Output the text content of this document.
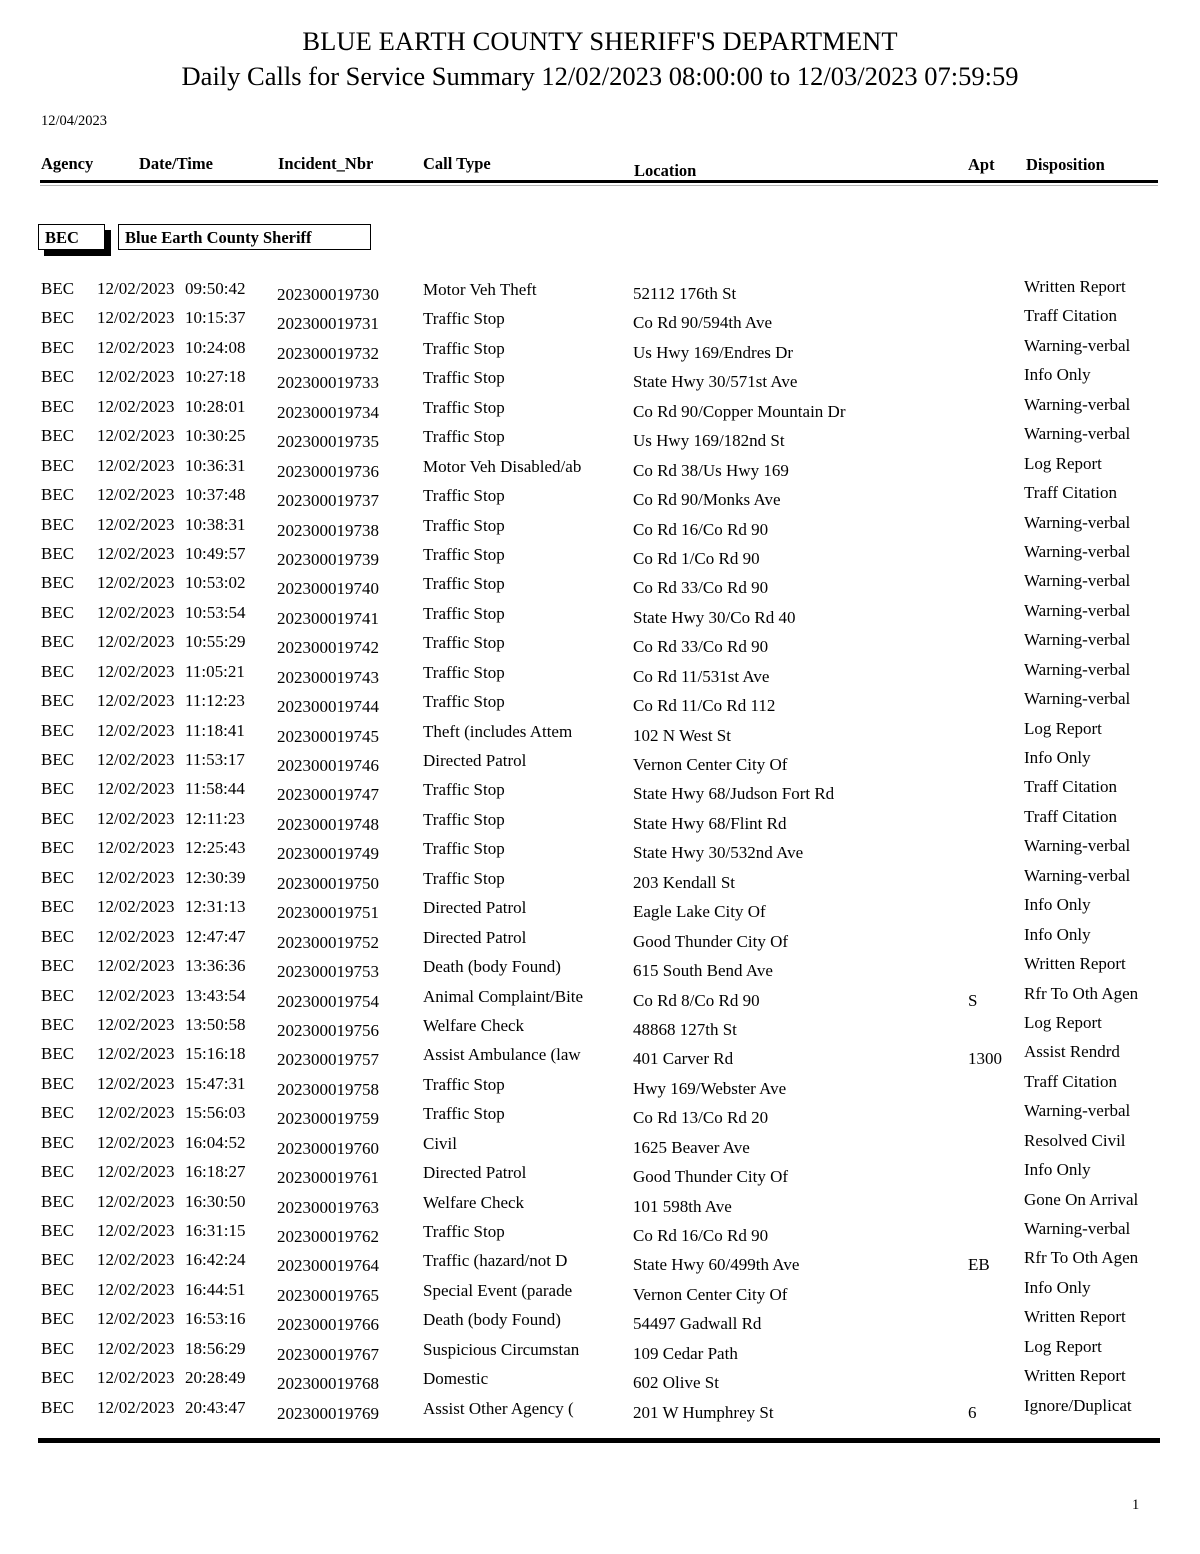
BLUE EARTH COUNTY SHERIFF'S DEPARTMENT
Daily Calls for Service Summary 12/02/2023 08:00:00 to 12/03/2023 07:59:59
12/04/2023
Agency	Date/Time	Incident_Nbr	Call Type	Location	Apt Disposition
BEC	Blue Earth County Sheriff
BEC 12/02/2023 09:50:42 202300019730	Motor Veh Theft	52112 176th St	Written Report
BEC 12/02/2023 10:15:37 202300019731	Traffic Stop	Co Rd 90/594th Ave	Traff Citation
BEC 12/02/2023 10:24:08 202300019732	Traffic Stop	Us Hwy 169/Endres Dr	Warning-verbal
BEC 12/02/2023 10:27:18 202300019733	Traffic Stop	State Hwy 30/571st Ave	Info Only
BEC 12/02/2023 10:28:01 202300019734	Traffic Stop	Co Rd 90/Copper Mountain Dr	Warning-verbal
BEC 12/02/2023 10:30:25 202300019735	Traffic Stop	Us Hwy 169/182nd St	Warning-verbal
BEC 12/02/2023 10:36:31 202300019736	Motor Veh Disabled/ab	Co Rd 38/Us Hwy 169	Log Report
BEC 12/02/2023 10:37:48 202300019737	Traffic Stop	Co Rd 90/Monks Ave	Traff Citation
BEC 12/02/2023 10:38:31 202300019738	Traffic Stop	Co Rd 16/Co Rd 90	Warning-verbal
BEC 12/02/2023 10:49:57 202300019739	Traffic Stop	Co Rd 1/Co Rd 90	Warning-verbal
BEC 12/02/2023 10:53:02 202300019740	Traffic Stop	Co Rd 33/Co Rd 90	Warning-verbal
BEC 12/02/2023 10:53:54 202300019741	Traffic Stop	State Hwy 30/Co Rd 40	Warning-verbal
BEC 12/02/2023 10:55:29 202300019742	Traffic Stop	Co Rd 33/Co Rd 90	Warning-verbal
BEC 12/02/2023 11:05:21 202300019743	Traffic Stop	Co Rd 11/531st Ave	Warning-verbal
BEC 12/02/2023 11:12:23 202300019744	Traffic Stop	Co Rd 11/Co Rd 112	Warning-verbal
BEC 12/02/2023 11:18:41 202300019745	Theft (includes Attem	102 N West St	Log Report
BEC 12/02/2023 11:53:17 202300019746	Directed Patrol	Vernon Center City Of	Info Only
BEC 12/02/2023 11:58:44 202300019747	Traffic Stop	State Hwy 68/Judson Fort Rd	Traff Citation
BEC 12/02/2023 12:11:23 202300019748	Traffic Stop	State Hwy 68/Flint Rd	Traff Citation
BEC 12/02/2023 12:25:43 202300019749	Traffic Stop	State Hwy 30/532nd Ave	Warning-verbal
BEC 12/02/2023 12:30:39 202300019750	Traffic Stop	203 Kendall St	Warning-verbal
BEC 12/02/2023 12:31:13 202300019751	Directed Patrol	Eagle Lake City Of	Info Only
BEC 12/02/2023 12:47:47 202300019752	Directed Patrol	Good Thunder City Of	Info Only
BEC 12/02/2023 13:36:36 202300019753	Death (body Found)	615 South Bend Ave	Written Report
BEC 12/02/2023 13:43:54 202300019754	Animal Complaint/Bite	Co Rd 8/Co Rd 90	S	Rfr To Oth Agen
BEC 12/02/2023 13:50:58 202300019756	Welfare Check	48868 127th St	Log Report
BEC 12/02/2023 15:16:18 202300019757	Assist Ambulance (law	401 Carver Rd	1300 Assist Rendrd
BEC 12/02/2023 15:47:31 202300019758	Traffic Stop	Hwy 169/Webster Ave	Traff Citation
BEC 12/02/2023 15:56:03 202300019759	Traffic Stop	Co Rd 13/Co Rd 20	Warning-verbal
BEC 12/02/2023 16:04:52 202300019760	Civil	1625 Beaver Ave	Resolved Civil
BEC 12/02/2023 16:18:27 202300019761	Directed Patrol	Good Thunder City Of	Info Only
BEC 12/02/2023 16:30:50 202300019763	Welfare Check	101 598th Ave	Gone On Arrival
BEC 12/02/2023 16:31:15 202300019762	Traffic Stop	Co Rd 16/Co Rd 90	Warning-verbal
BEC 12/02/2023 16:42:24 202300019764	Traffic (hazard/not D	State Hwy 60/499th Ave	EB Rfr To Oth Agen
BEC 12/02/2023 16:44:51 202300019765	Special Event (parade	Vernon Center City Of	Info Only
BEC 12/02/2023 16:53:16 202300019766	Death (body Found)	54497 Gadwall Rd	Written Report
BEC 12/02/2023 18:56:29 202300019767	Suspicious Circumstan	109 Cedar Path	Log Report
BEC 12/02/2023 20:28:49 202300019768	Domestic	602 Olive St	Written Report
BEC 12/02/2023 20:43:47 202300019769	Assist Other Agency (	201 W Humphrey St	6	Ignore/Duplicat
1
